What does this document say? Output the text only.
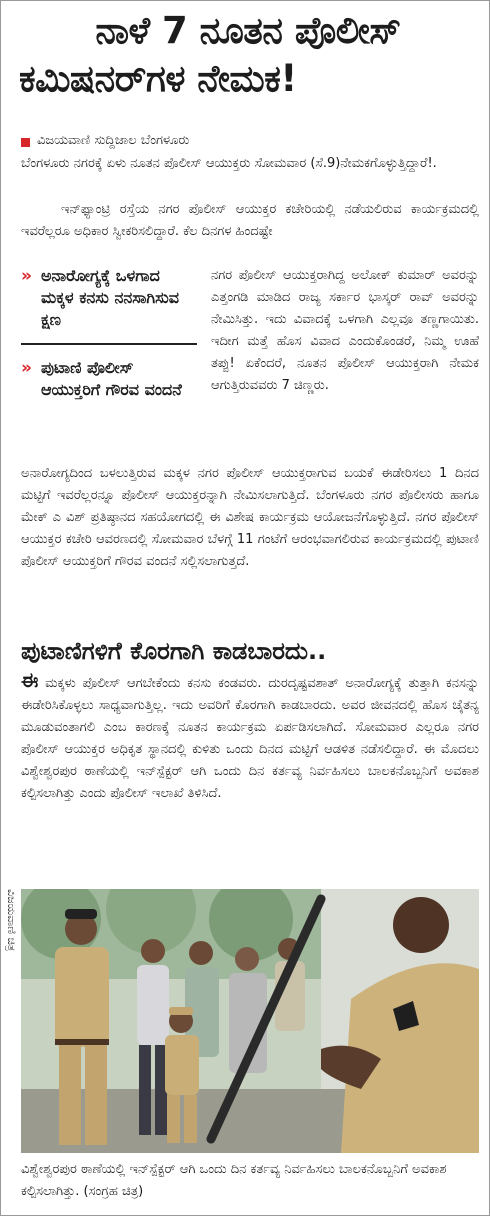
ನಾಳೆ 7 ನೂತನ ಪೊಲೀಸ್
ಕಮಿಷನರ್‌ಗಳ ನೇಮಕ!
ವಿಜಯವಾಣಿ ಸುದ್ದಿಜಾಲ ಬೆಂಗಳೂರು
ಬೆಂಗಳೂರು ನಗರಕ್ಕೆ ಏಳು ನೂತನ ಪೊಲೀಸ್ ಆಯುಕ್ತರು ಸೋಮವಾರ (ಸೆ.9)ನೇಮಕಗೊಳ್ಳುತ್ತಿದ್ದಾರೆ!.
ಇನ್‌ಫ್ಯಾಂಟ್ರಿ ರಸ್ತೆಯ ನಗರ ಪೊಲೀಸ್ ಆಯುಕ್ತರ ಕಚೇರಿಯಲ್ಲಿ ನಡೆಯಲಿರುವ ಕಾರ್ಯಕ್ರಮದಲ್ಲಿ ಇವರೆಲ್ಲರೂ ಅಧಿಕಾರ ಸ್ವೀಕರಿಸಲಿದ್ದಾರೆ. ಕೆಲ ದಿನಗಳ ಹಿಂದಷ್ಟೇ
» ಅನಾರೋಗ್ಯಕ್ಕೆ ಒಳಗಾದ ಮಕ್ಕಳ ಕನಸು ನನಸಾಗಿಸುವ ಕ್ಷಣ
» ಪುಟಾಣಿ ಪೊಲೀಸ್ ಆಯುಕ್ತರಿಗೆ ಗೌರವ ವಂದನೆ
ನಗರ ಪೊಲೀಸ್ ಆಯುಕ್ತರಾಗಿದ್ದ ಅಲೋಕ್ ಕುಮಾರ್ ಅವರನ್ನು ಎತ್ತಂಗಡಿ ಮಾಡಿದ ರಾಜ್ಯ ಸರ್ಕಾರ ಭಾಸ್ಕರ್ ರಾವ್ ಅವರನ್ನು ನೇಮಿಸಿತ್ತು. ಇದು ವಿವಾದಕ್ಕೆ ಒಳಗಾಗಿ ಎಲ್ಲವೂ ತಣ್ಣಗಾಯಿತು. ಇದೀಗ ಮತ್ತೆ ಹೊಸ ವಿವಾದ ಎಂದುಕೊಂಡರೆ, ನಿಮ್ಮ ಊಹೆ ತಪ್ಪು! ಏಕೆಂದರೆ, ನೂತನ ಪೊಲೀಸ್ ಆಯುಕ್ತರಾಗಿ ನೇಮಕ ಆಗುತ್ತಿರುವವರು 7 ಚಿಣ್ಣರು.
ಅನಾರೋಗ್ಯದಿಂದ ಬಳಲುತ್ತಿರುವ ಮಕ್ಕಳ ನಗರ ಪೊಲೀಸ್ ಆಯುಕ್ತರಾಗುವ ಬಯಕೆ ಈಡೇರಿಸಲು 1 ದಿನದ ಮಟ್ಟಿಗೆ ಇವರೆಲ್ಲರನ್ನೂ ಪೊಲೀಸ್ ಆಯುಕ್ತರನ್ನಾಗಿ ನೇಮಿಸಲಾಗುತ್ತಿದೆ. ಬೆಂಗಳೂರು ನಗರ ಪೊಲೀಸರು ಹಾಗೂ ಮೇಕ್ ಎ ವಿಶ್ ಪ್ರತಿಷ್ಠಾನದ ಸಹಯೋಗದಲ್ಲಿ ಈ ವಿಶೇಷ ಕಾರ್ಯಕ್ರಮ ಆಯೋಜನೆಗೊಳ್ಳುತ್ತಿದೆ. ನಗರ ಪೊಲೀಸ್ ಆಯುಕ್ತರ ಕಚೇರಿ ಆವರಣದಲ್ಲಿ ಸೋಮವಾರ ಬೆಳಗ್ಗೆ 11 ಗಂಟೆಗೆ ಆರಂಭವಾಗಲಿರುವ ಕಾರ್ಯಕ್ರಮದಲ್ಲಿ ಪುಟಾಣಿ ಪೊಲೀಸ್ ಆಯುಕ್ತರಿಗೆ ಗೌರವ ವಂದನೆ ಸಲ್ಲಿಸಲಾಗುತ್ತದೆ.
ಪುಟಾಣಿಗಳಿಗೆ ಕೊರಗಾಗಿ ಕಾಡಬಾರದು..
ಈ ಮಕ್ಕಳು ಪೊಲೀಸ್ ಆಗಬೇಕೆಂದು ಕನಸು ಕಂಡವರು. ದುರದೃಷ್ಟವಶಾತ್ ಅನಾರೋಗ್ಯಕ್ಕೆ ತುತ್ತಾಗಿ ಕನಸನ್ನು ಈಡೇರಿಸಿಕೊಳ್ಳಲು ಸಾಧ್ಯವಾಗುತ್ತಿಲ್ಲ. ಇದು ಅವರಿಗೆ ಕೊರಗಾಗಿ ಕಾಡಬಾರದು. ಅವರ ಜೀವನದಲ್ಲಿ ಹೊಸ ಚೈತನ್ಯ ಮೂಡುವಂತಾಗಲಿ ಎಂಬ ಕಾರಣಕ್ಕೆ ನೂತನ ಕಾರ್ಯಕ್ರಮ ಏರ್ಪಡಿಸಲಾಗಿದೆ. ಸೋಮವಾರ ಎಲ್ಲರೂ ನಗರ ಪೊಲೀಸ್ ಆಯುಕ್ತರ ಅಧಿಕೃತ ಸ್ಥಾನದಲ್ಲಿ ಕುಳಿತು ಒಂದು ದಿನದ ಮಟ್ಟಿಗೆ ಆಡಳಿತ ನಡೆಸಲಿದ್ದಾರೆ. ಈ ಮೊದಲು ವಿಶ್ವೇಶ್ವರಪುರ ಠಾಣೆಯಲ್ಲಿ ಇನ್‌ಸ್ಪೆಕ್ಟರ್ ಆಗಿ ಒಂದು ದಿನ ಕರ್ತವ್ಯ ನಿರ್ವಹಿಸಲು ಬಾಲಕನೊಬ್ಬನಿಗೆ ಅವಕಾಶ ಕಲ್ಪಿಸಲಾಗಿತ್ತು ಎಂದು ಪೊಲೀಸ್ ಇಲಾಖೆ ತಿಳಿಸಿದೆ.
ವಿಜಯವಾಣಿ ಚಿತ್ರ
ವಿಶ್ವೇಶ್ವರಪುರ ಠಾಣೆಯಲ್ಲಿ ಇನ್‌ಸ್ಪೆಕ್ಟರ್ ಆಗಿ ಒಂದು ದಿನ ಕರ್ತವ್ಯ ನಿರ್ವಹಿಸಲು ಬಾಲಕನೊಬ್ಬನಿಗೆ ಅವಕಾಶ ಕಲ್ಪಿಸಲಾಗಿತ್ತು. (ಸಂಗ್ರಹ ಚಿತ್ರ)
